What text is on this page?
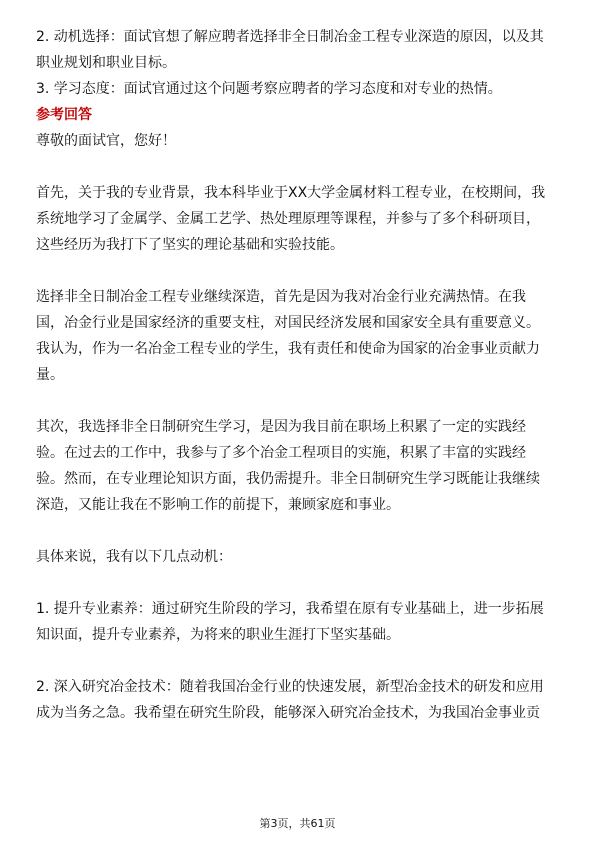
2. 动机选择：面试官想了解应聘者选择非全日制冶金工程专业深造的原因，以及其
职业规划和职业目标。
3. 学习态度：面试官通过这个问题考察应聘者的学习态度和对专业的热情。
参考回答
尊敬的面试官，您好！
首先，关于我的专业背景，我本科毕业于XX大学金属材料工程专业，在校期间，我
系统地学习了金属学、金属工艺学、热处理原理等课程，并参与了多个科研项目，
这些经历为我打下了坚实的理论基础和实验技能。
选择非全日制冶金工程专业继续深造，首先是因为我对冶金行业充满热情。在我
国，冶金行业是国家经济的重要支柱，对国民经济发展和国家安全具有重要意义。
我认为，作为一名冶金工程专业的学生，我有责任和使命为国家的冶金事业贡献力
量。
其次，我选择非全日制研究生学习，是因为我目前在职场上积累了一定的实践经
验。在过去的工作中，我参与了多个冶金工程项目的实施，积累了丰富的实践经
验。然而，在专业理论知识方面，我仍需提升。非全日制研究生学习既能让我继续
深造，又能让我在不影响工作的前提下，兼顾家庭和事业。
具体来说，我有以下几点动机：
1. 提升专业素养：通过研究生阶段的学习，我希望在原有专业基础上，进一步拓展
知识面，提升专业素养，为将来的职业生涯打下坚实基础。
2. 深入研究冶金技术：随着我国冶金行业的快速发展，新型冶金技术的研发和应用
成为当务之急。我希望在研究生阶段，能够深入研究冶金技术，为我国冶金事业贡
第3页，共61页
